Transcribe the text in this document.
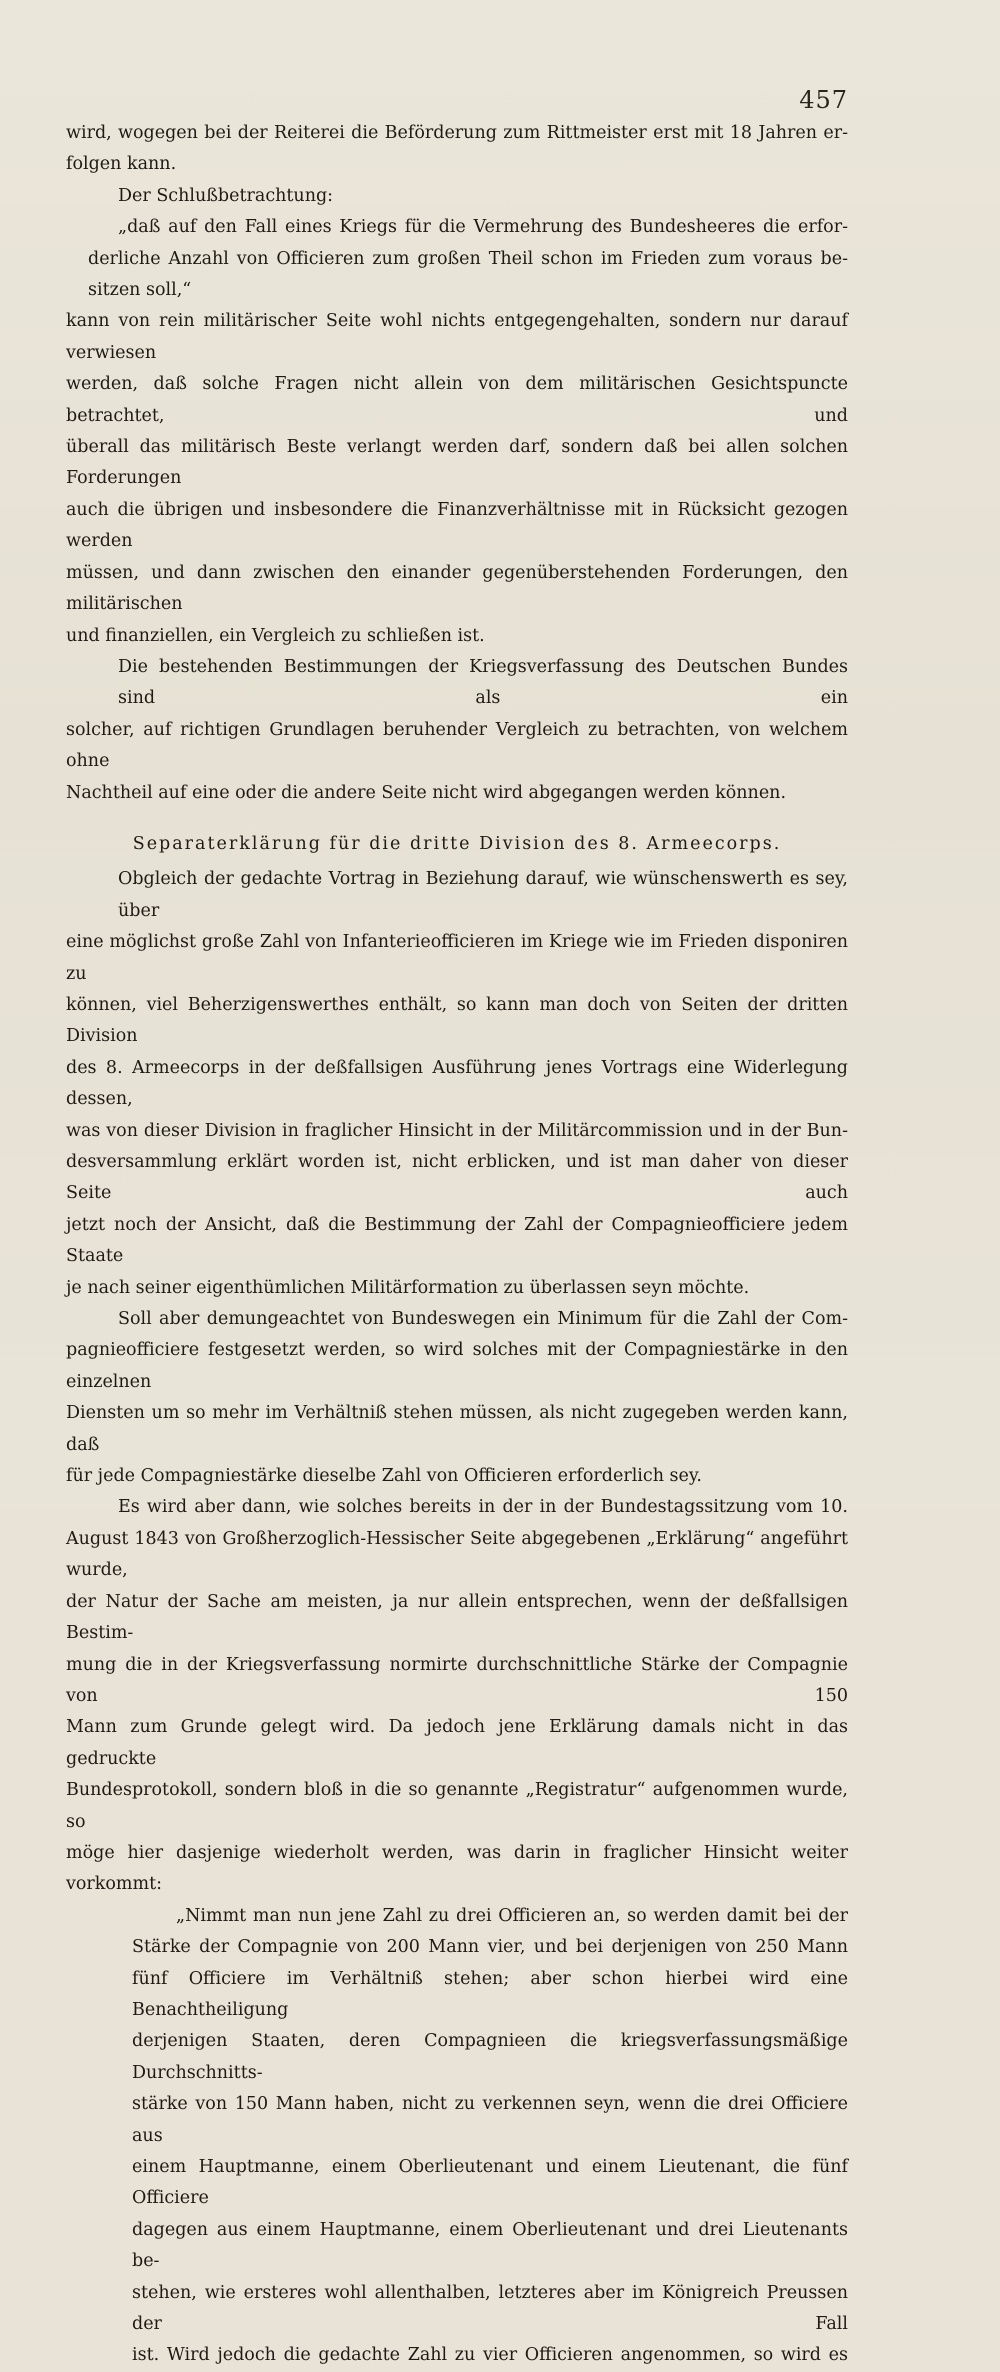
457

wird, wogegen bei der Reiterei die Beförderung zum Rittmeister erst mit 18 Jahren er-
folgen kann.

Der Schlußbetrachtung:

„daß auf den Fall eines Kriegs für die Vermehrung des Bundesheeres die erfor-
derliche Anzahl von Officieren zum großen Theil schon im Frieden zum voraus be-
sitzen soll,“

kann von rein militärischer Seite wohl nichts entgegengehalten, sondern nur darauf verwiesen
werden, daß solche Fragen nicht allein von dem militärischen Gesichtspuncte betrachtet, und
überall das militärisch Beste verlangt werden darf, sondern daß bei allen solchen Forderungen
auch die übrigen und insbesondere die Finanzverhältnisse mit in Rücksicht gezogen werden
müssen, und dann zwischen den einander gegenüberstehenden Forderungen, den militärischen
und finanziellen, ein Vergleich zu schließen ist.

Die bestehenden Bestimmungen der Kriegsverfassung des Deutschen Bundes sind als ein
solcher, auf richtigen Grundlagen beruhender Vergleich zu betrachten, von welchem ohne
Nachtheil auf eine oder die andere Seite nicht wird abgegangen werden können.

Separaterklärung für die dritte Division des 8. Armeecorps.

Obgleich der gedachte Vortrag in Beziehung darauf, wie wünschenswerth es sey, über
eine möglichst große Zahl von Infanterieofficieren im Kriege wie im Frieden disponiren zu
können, viel Beherzigenswerthes enthält, so kann man doch von Seiten der dritten Division
des 8. Armeecorps in der deßfallsigen Ausführung jenes Vortrags eine Widerlegung dessen,
was von dieser Division in fraglicher Hinsicht in der Militärcommission und in der Bun-
desversammlung erklärt worden ist, nicht erblicken, und ist man daher von dieser Seite auch
jetzt noch der Ansicht, daß die Bestimmung der Zahl der Compagnieofficiere jedem Staate
je nach seiner eigenthümlichen Militärformation zu überlassen seyn möchte.

Soll aber demungeachtet von Bundeswegen ein Minimum für die Zahl der Com-
pagnieofficiere festgesetzt werden, so wird solches mit der Compagniestärke in den einzelnen
Diensten um so mehr im Verhältniß stehen müssen, als nicht zugegeben werden kann, daß
für jede Compagniestärke dieselbe Zahl von Officieren erforderlich sey.

Es wird aber dann, wie solches bereits in der in der Bundestagssitzung vom 10.
August 1843 von Großherzoglich-Hessischer Seite abgegebenen „Erklärung“ angeführt wurde,
der Natur der Sache am meisten, ja nur allein entsprechen, wenn der deßfallsigen Bestim-
mung die in der Kriegsverfassung normirte durchschnittliche Stärke der Compagnie von 150
Mann zum Grunde gelegt wird. Da jedoch jene Erklärung damals nicht in das gedruckte
Bundesprotokoll, sondern bloß in die so genannte „Registratur“ aufgenommen wurde, so
möge hier dasjenige wiederholt werden, was darin in fraglicher Hinsicht weiter vorkommt:

„Nimmt man nun jene Zahl zu drei Officieren an, so werden damit bei der
Stärke der Compagnie von 200 Mann vier, und bei derjenigen von 250 Mann
fünf Officiere im Verhältniß stehen; aber schon hierbei wird eine Benachtheiligung
derjenigen Staaten, deren Compagnieen die kriegsverfassungsmäßige Durchschnitts-
stärke von 150 Mann haben, nicht zu verkennen seyn, wenn die drei Officiere aus
einem Hauptmanne, einem Oberlieutenant und einem Lieutenant, die fünf Officiere
dagegen aus einem Hauptmanne, einem Oberlieutenant und drei Lieutenants be-
stehen, wie ersteres wohl allenthalben, letzteres aber im Königreich Preussen der Fall
ist. Wird jedoch die gedachte Zahl zu vier Officieren angenommen, so wird es
